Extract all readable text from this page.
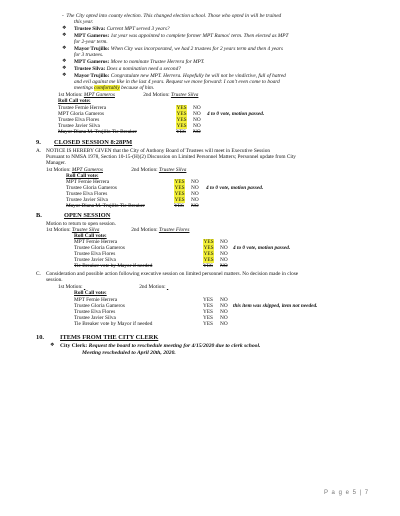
- The City opted into county election. This changed election school. Those who opted in will be trained
this year.
❖ Trustee Silva: Current MPT served 3 years?
❖ MPT Gameros: 1st year was appointed to complete former MPT Ramos' term. Then elected as MPT
for 2-year term.
❖ Mayor Trujillo: When City was incorporated, we had 2 trustees for 2 years term and then 4 years
for 3 trustees.
❖ MPT Gameros: Move to nominate Trustee Herrera for MPT.
❖ Trustee Silva: Does a nomination need a second?
❖ Mayor Trujillo: Congratulate new MPT. Herrera. Hopefully he will not be vindictive, full of hatred
and evil against me like in the last 4 years. Request we move forward: I can't even come to board
meetings comfortably because of him.
1st Motion: MPT Gameros	2nd Motion: Trustee Silva
Roll Call vote:
Trustee Fernie Herrera	YES NO
MPT Gloria Gameros	YES NO 4 to 0 vote, motion passed.
Trustee Elva Flores	YES NO
Trustee Javier Silva	YES NO
Mayor Diana M. Trujillo Tie Breaker	YES NO
9. CLOSED SESSION 8:28PM
A. NOTICE IS HEREBY GIVEN that the City of Anthony Board of Trustees will meet in Executive Session
Pursuant to NMSA 1978, Section 10-15-(H)(2) Discussion on Limited Personnel Matters; Personnel update from City
Manager.
1st Motion: MPT Gameros	2nd Motion: Trustee Silva
Roll Call vote:
MPT Fernie Herrera	YES NO
Trustee Gloria Gameros	YES NO 4 to 0 vote, motion passed.
Trustee Elva Flores	YES NO
Trustee Javier Silva	YES NO
Mayor Diana M. Trujillo Tie Breaker	YES NO
B.	OPEN SESSION
Motion to return to open session.
1st Motion: Trustee Silva	2nd Motion: Trustee Flores
Roll Call vote:
MPT Fernie Herrera	YES NO
Trustee Gloria Gameros	YES NO 4 to 0 vote, motion passed.
Trustee Elva Flores	YES NO
Trustee Javier Silva	YES NO
Tie Breaker vote by Mayor if needed	YES NO
C. Consideration and possible action following executive session on limited personnel matters. No decision made in close
session.
1st Motion:	2nd Motion:
Roll Call vote:
MPT Fernie Herrera	YES NO
Trustee Gloria Gameros	YES NO this item was skipped, item not needed.
Trustee Elva Flores	YES NO
Trustee Javier Silva	YES NO
Tie Breaker vote by Mayor if needed	YES NO
10.	ITEMS FROM THE CITY CLERK
❖ City Clerk: Request the board to reschedule meeting for 4/15/2020 due to clerk school.
Meeting rescheduled to April 20th, 2020.
P a g e 5 | 7
